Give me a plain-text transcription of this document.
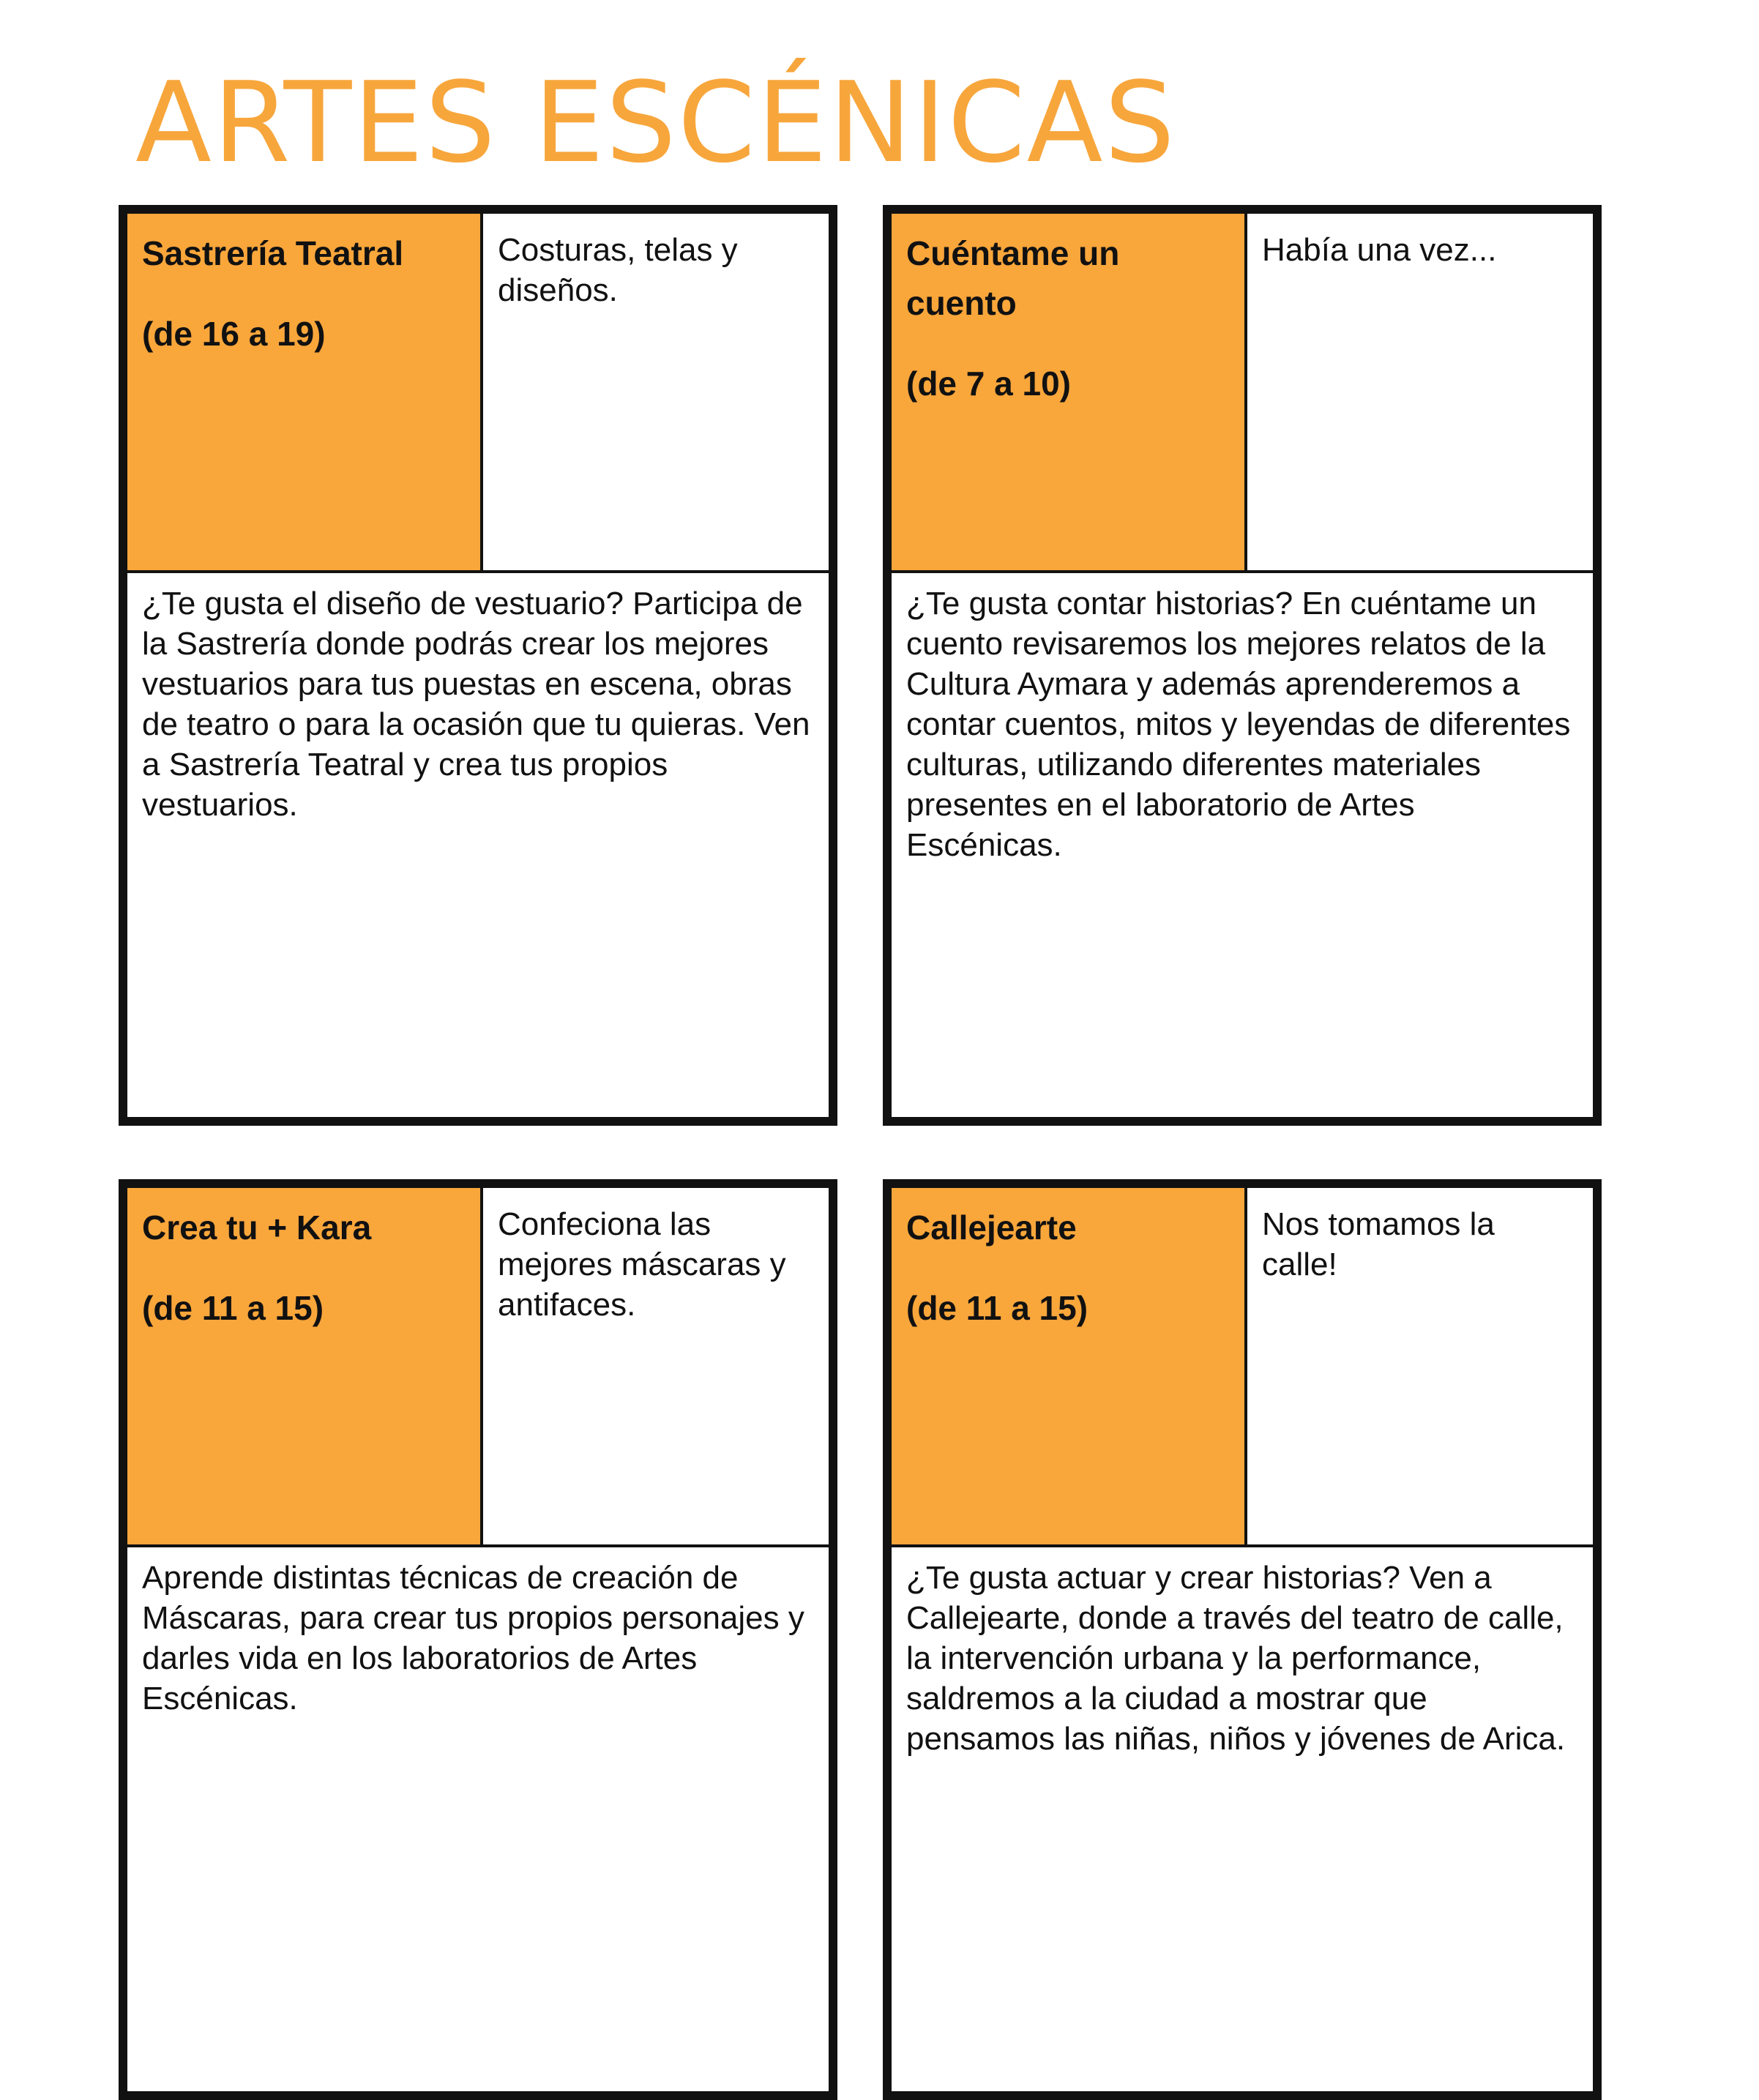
ARTES ESCÉNICAS

Sastrería Teatral

(de 16 a 19)

Costuras, telas y diseños.

¿Te gusta el diseño de vestuario? Participa de la Sastrería donde podrás crear los mejores vestuarios para tus puestas en escena, obras de teatro o para la ocasión que tu quieras. Ven a Sastrería Teatral y crea tus propios vestuarios.

Cuéntame un cuento

(de 7 a 10)

Había una vez...

¿Te gusta contar historias? En cuéntame un cuento revisaremos los mejores relatos de la Cultura Aymara y además aprenderemos a contar cuentos, mitos y leyendas de diferentes culturas, utilizando diferentes materiales presentes en el laboratorio de Artes Escénicas.

Crea tu + Kara

(de 11 a 15)

Confeciona las mejores máscaras y antifaces.

Aprende distintas técnicas de creación de Máscaras, para crear tus propios personajes y darles vida en los laboratorios de Artes Escénicas.

Callejearte

(de 11 a 15)

Nos tomamos la calle!

¿Te gusta actuar y crear historias? Ven a Callejearte, donde a través del teatro de calle, la intervención urbana y la performance, saldremos a la ciudad a mostrar que pensamos las niñas, niños y jóvenes de Arica.
